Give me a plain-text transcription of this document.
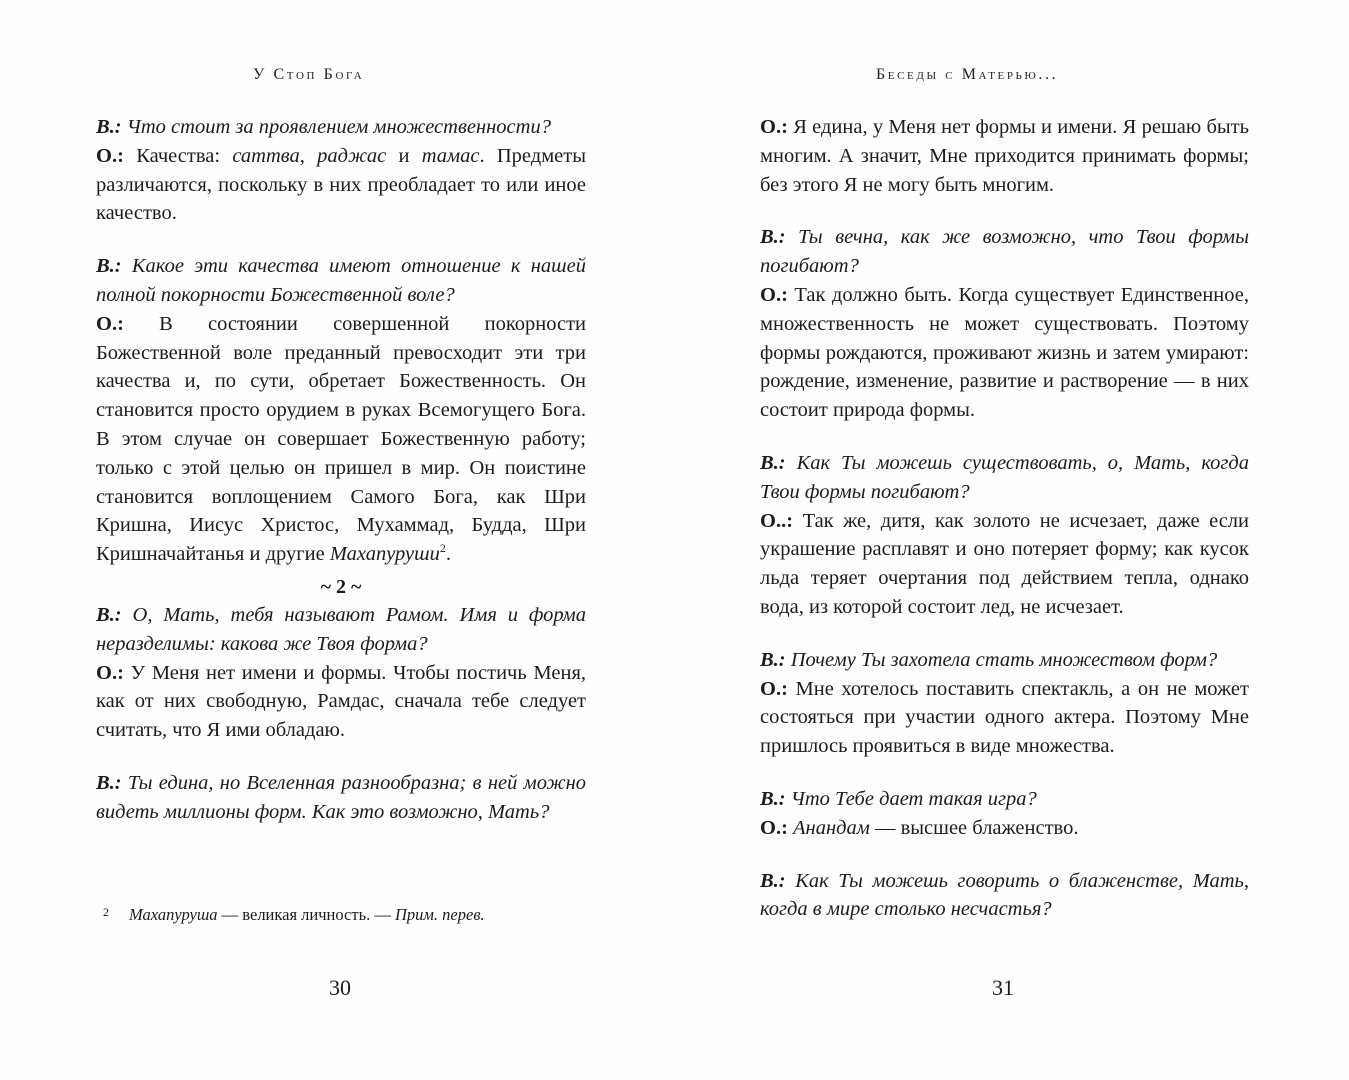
У Стоп Бога

В.: Что стоит за проявлением множественности?

О.: Качества: саттва, раджас и тамас. Предметы различаются, поскольку в них преобладает то или иное качество.

В.: Какое эти качества имеют отношение к нашей полной покорности Божественной воле?

О.: В состоянии совершенной покорности Божественной воле преданный превосходит эти три качества и, по сути, обретает Божественность. Он становится просто орудием в руках Всемогущего Бога. В этом случае он совершает Божественную работу; только с этой целью он пришел в мир. Он поистине становится воплощением Самого Бога, как Шри Кришна, Иисус Христос, Мухаммад, Будда, Шри Кришначайтанья и другие Махапуруши$^2$.

~ 2 ~

В.: О, Мать, тебя называют Рамом. Имя и форма неразделимы: какова же Твоя форма?

О.: У Меня нет имени и формы. Чтобы постичь Меня, как от них свободную, Рамдас, сначала тебе следует считать, что Я ими обладаю.

В.: Ты едина, но Вселенная разнообразна; в ней можно видеть миллионы форм. Как это возможно, Мать?

2 Махапуруша — великая личность. — Прим. перев.
30
Беседы с Матерью...

О.: Я едина, у Меня нет формы и имени. Я решаю быть многим. А значит, Мне приходится принимать формы; без этого Я не могу быть многим.

В.: Ты вечна, как же возможно, что Твои формы погибают?

О.: Так должно быть. Когда существует Единственное, множественность не может существовать. Поэтому формы рождаются, проживают жизнь и затем умирают: рождение, изменение, развитие и растворение — в них состоит природа формы.

В.: Как Ты можешь существовать, о, Мать, когда Твои формы погибают?

О..: Так же, дитя, как золото не исчезает, даже если украшение расплавят и оно потеряет форму; как кусок льда теряет очертания под действием тепла, однако вода, из которой состоит лед, не исчезает.

В.: Почему Ты захотела стать множеством форм?

О.: Мне хотелось поставить спектакль, а он не может состояться при участии одного актера. Поэтому Мне пришлось проявиться в виде множества.

В.: Что Тебе дает такая игра?

О.: Анандам — высшее блаженство.

В.: Как Ты можешь говорить о блаженстве, Мать, когда в мире столько несчастья?

31
